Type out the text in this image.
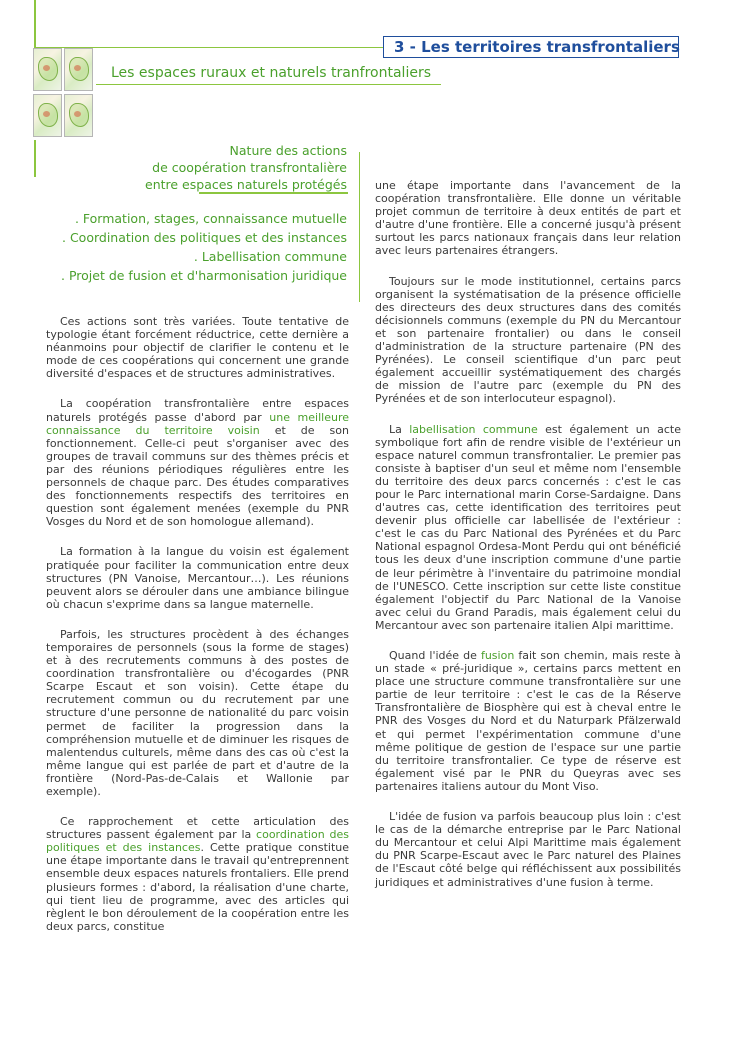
3 - Les territoires transfrontaliers
Les espaces ruraux et naturels tranfrontaliers
Nature des actions
de coopération transfrontalière
entre espaces naturels protégés
. Formation, stages, connaissance mutuelle
. Coordination des politiques et des instances
. Labellisation commune
. Projet de fusion et d'harmonisation juridique

Ces actions sont très variées. Toute tentative de typologie étant forcément réductrice, cette dernière a néanmoins pour objectif de clarifier le contenu et le mode de ces coopérations qui concernent une grande diversité d'espaces et de structures administratives.

La coopération transfrontalière entre espaces naturels protégés passe d'abord par une meilleure connaissance du territoire voisin et de son fonctionnement. Celle-ci peut s'organiser avec des groupes de travail communs sur des thèmes précis et par des réunions périodiques régulières entre les personnels de chaque parc. Des études comparatives des fonctionnements respectifs des territoires en question sont également menées (exemple du PNR Vosges du Nord et de son homologue allemand).

La formation à la langue du voisin est également pratiquée pour faciliter la communication entre deux structures (PN Vanoise, Mercantour…). Les réunions peuvent alors se dérouler dans une ambiance bilingue où chacun s'exprime dans sa langue maternelle.

Parfois, les structures procèdent à des échanges temporaires de personnels (sous la forme de stages) et à des recrutements communs à des postes de coordination transfrontalière ou d'écogardes (PNR Scarpe Escaut et son voisin). Cette étape du recrutement commun ou du recrutement par une structure d'une personne de nationalité du parc voisin permet de faciliter la progression dans la compréhension mutuelle et de diminuer les risques de malentendus culturels, même dans des cas où c'est la même langue qui est parlée de part et d'autre de la frontière (Nord-Pas-de-Calais et Wallonie par exemple).

Ce rapprochement et cette articulation des structures passent également par la coordination des politiques et des instances. Cette pratique constitue une étape importante dans le travail qu'entreprennent ensemble deux espaces naturels frontaliers. Elle prend plusieurs formes : d'abord, la réalisation d'une charte, qui tient lieu de programme, avec des articles qui règlent le bon déroulement de la coopération entre les deux parcs, constitue

une étape importante dans l'avancement de la coopération transfrontalière. Elle donne un véritable projet commun de territoire à deux entités de part et d'autre d'une frontière. Elle a concerné jusqu'à présent surtout les parcs nationaux français dans leur relation avec leurs partenaires étrangers.

Toujours sur le mode institutionnel, certains parcs organisent la systématisation de la présence officielle des directeurs des deux structures dans des comités décisionnels communs (exemple du PN du Mercantour et son partenaire frontalier) ou dans le conseil d'administration de la structure partenaire (PN des Pyrénées). Le conseil scientifique d'un parc peut également accueillir systématiquement des chargés de mission de l'autre parc (exemple du PN des Pyrénées et de son interlocuteur espagnol).

La labellisation commune est également un acte symbolique fort afin de rendre visible de l'extérieur un espace naturel commun transfrontalier. Le premier pas consiste à baptiser d'un seul et même nom l'ensemble du territoire des deux parcs concernés : c'est le cas pour le Parc international marin Corse-Sardaigne. Dans d'autres cas, cette identification des territoires peut devenir plus officielle car labellisée de l'extérieur : c'est le cas du Parc National des Pyrénées et du Parc National espagnol Ordesa-Mont Perdu qui ont bénéficié tous les deux d'une inscription commune d'une partie de leur périmètre à l'inventaire du patrimoine mondial de l'UNESCO. Cette inscription sur cette liste constitue également l'objectif du Parc National de la Vanoise avec celui du Grand Paradis, mais également celui du Mercantour avec son partenaire italien Alpi marittime.

Quand l'idée de fusion fait son chemin, mais reste à un stade « pré-juridique », certains parcs mettent en place une structure commune transfrontalière sur une partie de leur territoire : c'est le cas de la Réserve Transfrontalière de Biosphère qui est à cheval entre le PNR des Vosges du Nord et du Naturpark Pfälzerwald et qui permet l'expérimentation commune d'une même politique de gestion de l'espace sur une partie du territoire transfrontalier. Ce type de réserve est également visé par le PNR du Queyras avec ses partenaires italiens autour du Mont Viso.

L'idée de fusion va parfois beaucoup plus loin : c'est le cas de la démarche entreprise par le Parc National du Mercantour et celui Alpi Marittime mais également du PNR Scarpe-Escaut avec le Parc naturel des Plaines de l'Escaut côté belge qui réfléchissent aux possibilités juridiques et administratives d'une fusion à terme.
